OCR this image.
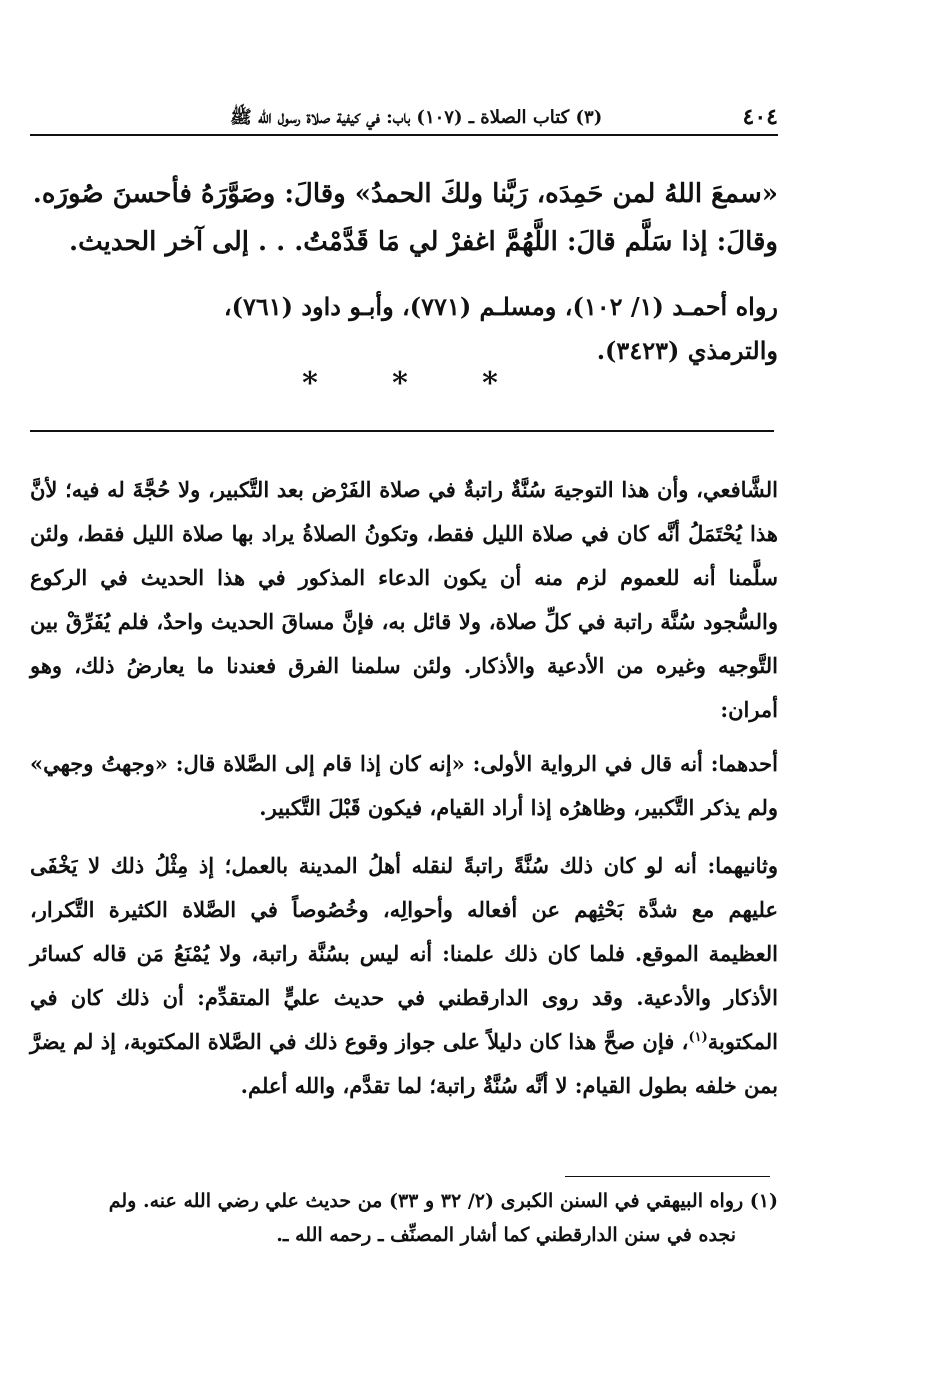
٤٠٤
(٣) كتاب الصلاة ـ (١٠٧) باب: في كيفية صلاة رسول الله ﷺ

«سمعَ اللهُ لمن حَمِدَه، رَبَّنا ولكَ الحمدُ» وقالَ: وصَوَّرَهُ فأحسنَ صُورَه.

وقالَ: إذا سَلَّم قالَ: اللَّهُمَّ اغفرْ لي مَا قَدَّمْتُ. . . إلى آخر الحديث.

رواه أحمـد (١/ ١٠٢)، ومسلـم (٧٧١)، وأبـو داود (٧٦١)،

والترمذي (٣٤٢٣).

* * *

الشَّافعي، وأن هذا التوجيهَ سُنَّةٌ راتبةٌ في صلاة الفَرْض بعد التَّكبير، ولا حُجَّةَ له فيه؛ لأنَّ هذا يُحْتَمَلُ أنَّه كان في صلاة الليل فقط، وتكونُ الصلاةُ يراد بها صلاة الليل فقط، ولئن سلَّمنا أنه للعموم لزم منه أن يكون الدعاء المذكور في هذا الحديث في الركوع والسُّجود سُنَّة راتبة في كلِّ صلاة، ولا قائل به، فإنَّ مساقَ الحديث واحدٌ، فلم يُفَرِّقْ بين التَّوجيه وغيره من الأدعية والأذكار. ولئن سلمنا الفرق فعندنا ما يعارضُ ذلك، وهو أمران:

أحدهما: أنه قال في الرواية الأولى: «إنه كان إذا قام إلى الصَّلاة قال: «وجهتُ وجهي» ولم يذكر التَّكبير، وظاهرُه إذا أراد القيام، فيكون قَبْلَ التَّكبير.

وثانيهما: أنه لو كان ذلك سُنَّةً راتبةً لنقله أهلُ المدينة بالعمل؛ إذ مِثْلُ ذلك لا يَخْفَى عليهم مع شدَّة بَحْثِهم عن أفعاله وأحوالِه، وخُصُوصاً في الصَّلاة الكثيرة التَّكرار، العظيمة الموقع. فلما كان ذلك علمنا: أنه ليس بسُنَّة راتبة، ولا يُمْنَعُ مَن قاله كسائر الأذكار والأدعية. وقد روى الدارقطني في حديث عليٍّ المتقدِّم: أن ذلك كان في المكتوبة$^{(١)}$، فإن صحَّ هذا كان دليلاً على جواز وقوع ذلك في الصَّلاة المكتوبة، إذ لم يضرَّ بمن خلفه بطول القيام: لا أنَّه سُنَّةٌ راتبة؛ لما تقدَّم، والله أعلم.

(١) رواه البيهقي في السنن الكبرى (٢/ ٣٢ و ٣٣) من حديث علي رضي الله عنه. ولم

نجده في سنن الدارقطني كما أشار المصنِّف ـ رحمه الله ـ.
